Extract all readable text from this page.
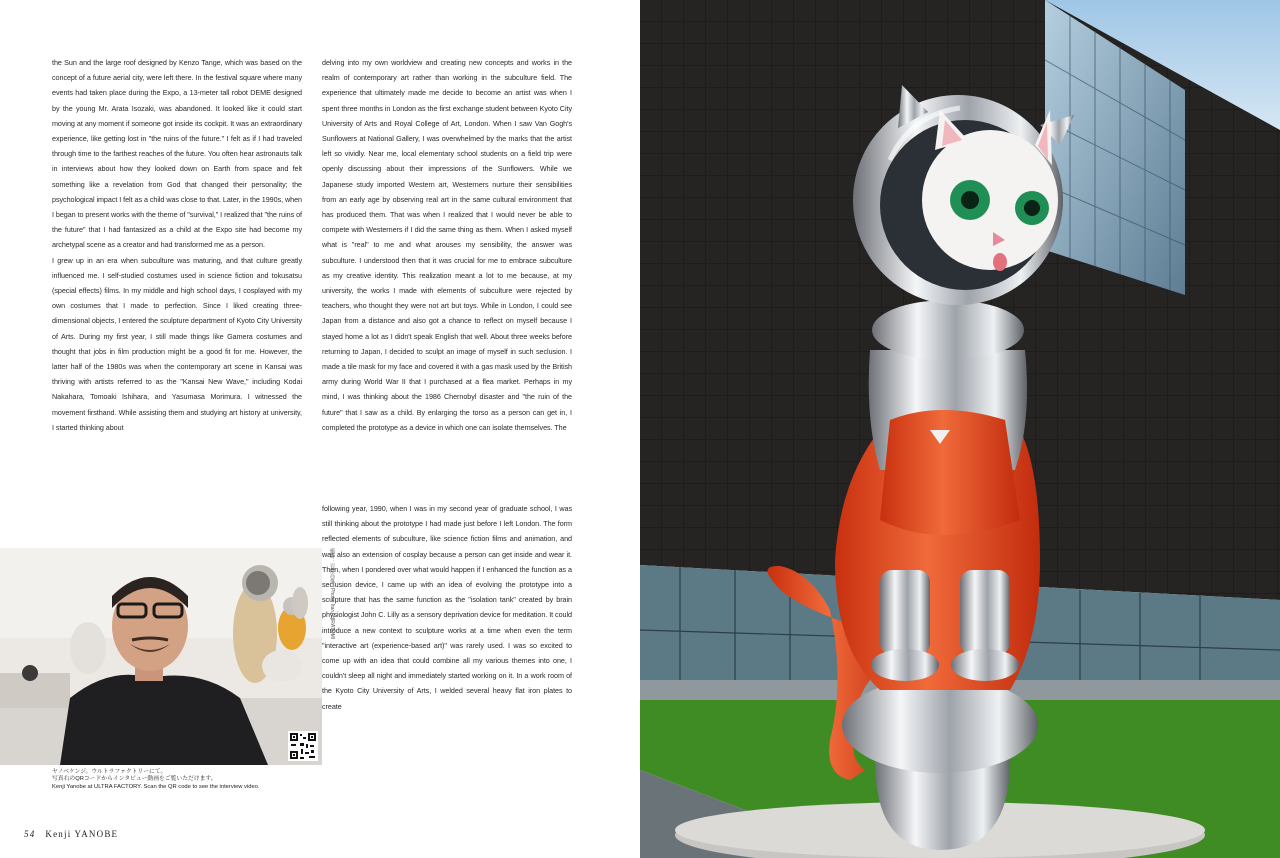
the Sun and the large roof designed by Kenzo Tange, which was based on the concept of a future aerial city, were left there. In the festival square where many events had taken place during the Expo, a 13-meter tall robot DEME designed by the young Mr. Arata Isozaki, was abandoned. It looked like it could start moving at any moment if someone got inside its cockpit. It was an extraordinary experience, like getting lost in "the ruins of the future." I felt as if I had traveled through time to the farthest reaches of the future. You often hear astronauts talk in interviews about how they looked down on Earth from space and felt something like a revelation from God that changed their personality; the psychological impact I felt as a child was close to that. Later, in the 1990s, when I began to present works with the theme of "survival," I realized that "the ruins of the future" that I had fantasized as a child at the Expo site had become my archetypal scene as a creator and had transformed me as a person.

I grew up in an era when subculture was maturing, and that culture greatly influenced me. I self-studied costumes used in science fiction and tokusatsu (special effects) films. In my middle and high school days, I cosplayed with my own costumes that I made to perfection. Since I liked creating three-dimensional objects, I entered the sculpture department of Kyoto City University of Arts. During my first year, I still made things like Gamera costumes and thought that jobs in film production might be a good fit for me. However, the latter half of the 1980s was when the contemporary art scene in Kansai was thriving with artists referred to as the "Kansai New Wave," including Kodai Nakahara, Tomoaki Ishihara, and Yasumasa Morimura. I witnessed the movement firsthand. While assisting them and studying art history at university, I started thinking about

delving into my own worldview and creating new concepts and works in the realm of contemporary art rather than working in the subculture field. The experience that ultimately made me decide to become an artist was when I spent three months in London as the first exchange student between Kyoto City University of Arts and Royal College of Art, London. When I saw Van Gogh's Sunflowers at National Gallery, I was overwhelmed by the marks that the artist left so vividly. Near me, local elementary school students on a field trip were openly discussing about their impressions of the Sunflowers. While we Japanese study imported Western art, Westerners nurture their sensibilities from an early age by observing real art in the same cultural environment that has produced them. That was when I realized that I would never be able to compete with Westerners if I did the same thing as them. When I asked myself what is "real" to me and what arouses my sensibility, the answer was subculture. I understood then that it was crucial for me to embrace subculture as my creative identity. This realization meant a lot to me because, at my university, the works I made with elements of subculture were rejected by teachers, who thought they were not art but toys. While in London, I could see Japan from a distance and also got a chance to reflect on myself because I stayed home a lot as I didn't speak English that well. About three weeks before returning to Japan, I decided to sculpt an image of myself in such seclusion. I made a tile mask for my face and covered it with a gas mask used by the British army during World War II that I purchased at a flea market. Perhaps in my mind, I was thinking about the 1986 Chernobyl disaster and "the ruin of the future" that I saw as a child. By enlarging the torso as a person can get in, I completed the prototype as a device in which one can isolate themselves. The

following year, 1990, when I was in my second year of graduate school, I was still thinking about the prototype I had made just before I left London. The form reflected elements of subculture, like science fiction films and animation, and was also an extension of cosplay because a person can get inside and wear it. Then, when I pondered over what would happen if I enhanced the function as a seclusion device, I came up with an idea of evolving the prototype into a sculpture that has the same function as the "isolation tank" created by brain physiologist John C. Lilly as a sensory deprivation device for meditation. It could introduce a new context to sculpture works at a time when even the term "interactive art (experience-based art)" was rarely used. I was so excited to come up with an idea that could combine all my various themes into one, I couldn't sleep all night and immediately started working on it. In a work room of the Kyoto City University of Arts, I welded several heavy flat iron plates to create

撮影：岩澤高雄　Photo: Itaru HIRATOMI
ヤノベケンジ。ウルトラファクトリーにて。
写真右のQRコードからインタビュー動画をご覧いただけます。
Kenji Yanobe at ULTRA FACTORY. Scan the QR code to see the interview video.
54 Kenji YANOBE
